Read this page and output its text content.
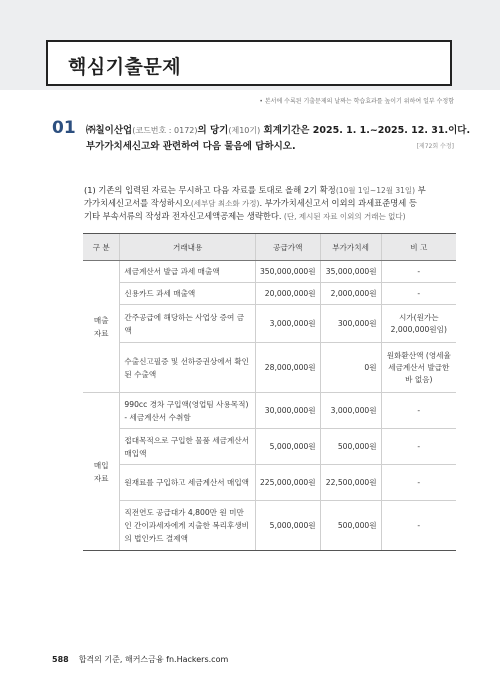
핵심기출문제
• 본서에 수록된 기출문제의 날짜는 학습효과를 높이기 위하여 일부 수정함
01 ㈜칠이산업(코드번호 : 0172)의 당기(제10기) 회계기간은 2025. 1. 1.~2025. 12. 31.이다.
부가가치세신고와 관련하여 다음 물음에 답하시오.	[제72회 수정]
(1) 기존의 입력된 자료는 무시하고 다음 자료를 토대로 올해 2기 확정(10월 1일~12월 31일) 부
가가치세신고서를 작성하시오(세부담 최소화 가정). 부가가치세신고서 이외의 과세표준명세 등
기타 부속서류의 작성과 전자신고세액공제는 생략한다. (단, 제시된 자료 이외의 거래는 없다)
구 분	거래내용	공급가액	부가가치세	비 고
매출
자료	세금계산서 발급 과세 매출액	350,000,000원	35,000,000원	-
	신용카드 과세 매출액	20,000,000원	2,000,000원	-
	간주공급에 해당하는 사업상 증여 금액	3,000,000원	300,000원	시가(원가는 2,000,000원임)
	수출신고필증 및 선하증권상에서 확인된 수출액	28,000,000원	0원	원화환산액 (영세율세금계산서 발급한 바 없음)
매입
자료	990cc 경차 구입액(영업팀 사용목적) - 세금계산서 수취함	30,000,000원	3,000,000원	-
	접대목적으로 구입한 물품 세금계산서 매입액	5,000,000원	500,000원	-
	원재료를 구입하고 세금계산서 매입액	225,000,000원	22,500,000원	-
	직전연도 공급대가 4,800만 원 미만인 간이과세자에게 지출한 복리후생비의 법인카드 결제액	5,000,000원	500,000원	-
588 합격의 기준, 해커스금융 fn.Hackers.com
